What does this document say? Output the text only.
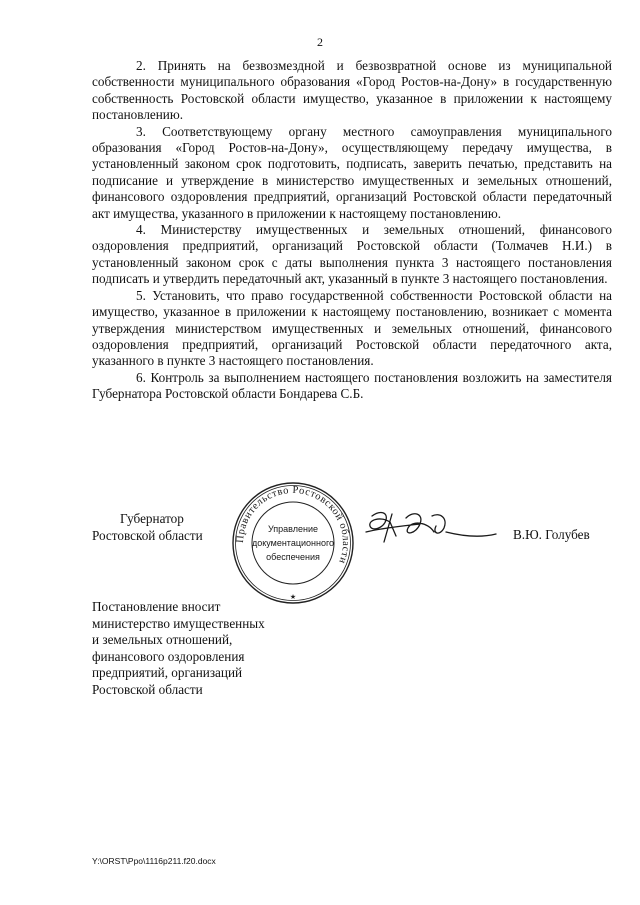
2

2. Принять на безвозмездной и безвозвратной основе из муниципальной собственности муниципального образования «Город Ростов-на-Дону» в государственную собственность Ростовской области имущество, указанное в приложении к настоящему постановлению.

3. Соответствующему органу местного самоуправления муниципального образования «Город Ростов-на-Дону», осуществляющему передачу имущества, в установленный законом срок подготовить, подписать, заверить печатью, представить на подписание и утверждение в министерство имущественных и земельных отношений, финансового оздоровления предприятий, организаций Ростовской области передаточный акт имущества, указанного в приложении к настоящему постановлению.

4. Министерству имущественных и земельных отношений, финансового оздоровления предприятий, организаций Ростовской области (Толмачев Н.И.) в установленный законом срок с даты выполнения пункта 3 настоящего постановления подписать и утвердить передаточный акт, указанный в пункте 3 настоящего постановления.

5. Установить, что право государственной собственности Ростовской области на имущество, указанное в приложении к настоящему постановлению, возникает с момента утверждения министерством имущественных и земельных отношений, финансового оздоровления предприятий, организаций Ростовской области передаточного акта, указанного в пункте 3 настоящего постановления.

6. Контроль за выполнением настоящего постановления возложить на заместителя Губернатора Ростовской области Бондарева С.Б.

Губернатор
Ростовской области	Правительство Ростовской области
Управление
документационного
обеспечения
★
В.Ю. Голубев
Постановление вносит
министерство имущественных
и земельных отношений,
финансового оздоровления
предприятий, организаций
Ростовской области
Y:\ORST\Ppo\1116p211.f20.docx
